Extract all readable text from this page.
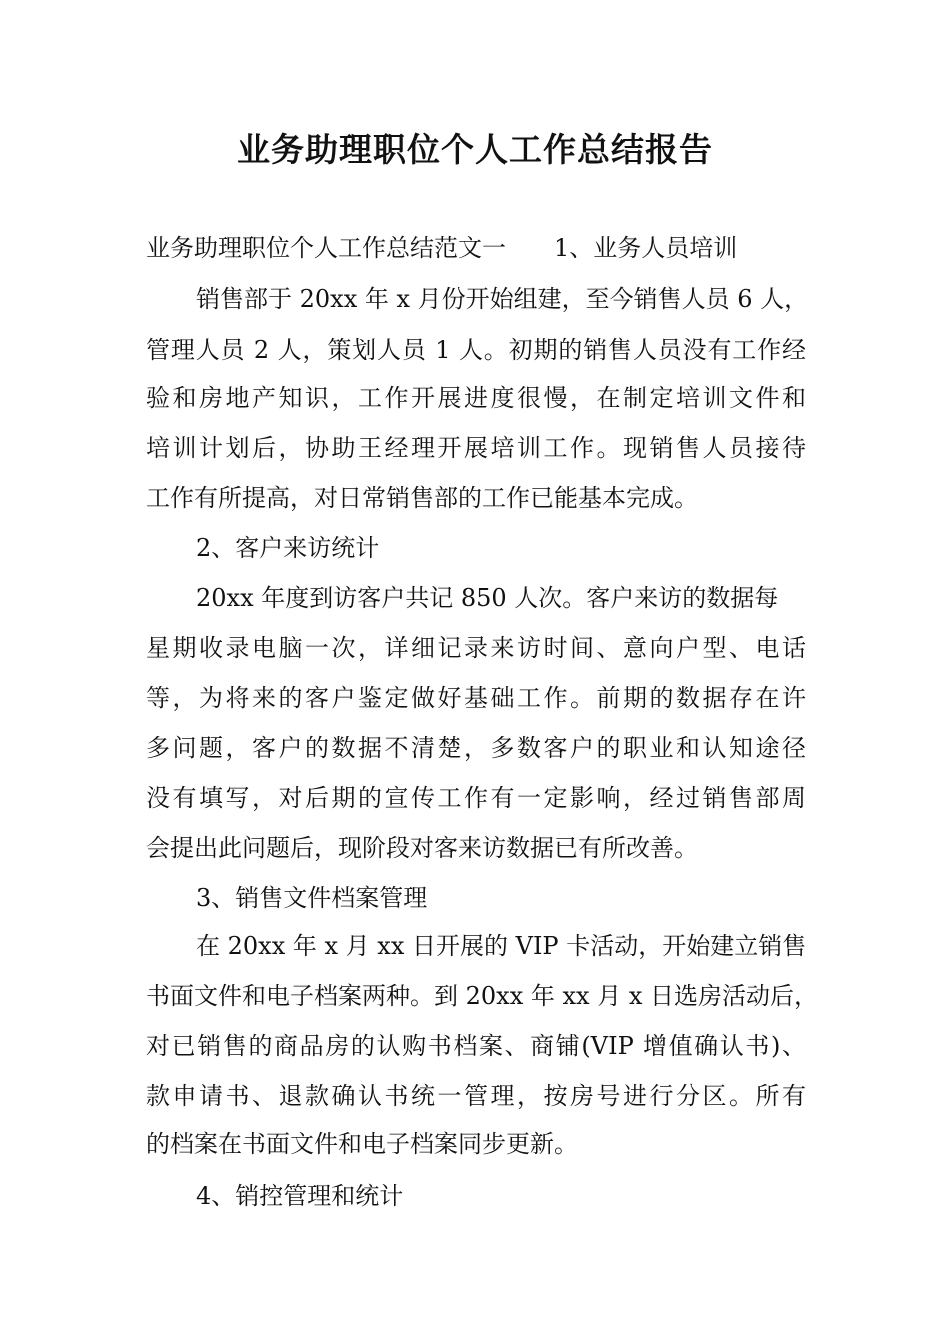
业务助理职位个人工作总结报告
业务助理职位个人工作总结范文一 1、业务人员培训
销售部于 20xx 年 x 月份开始组建，至今销售人员 6 人，
管理人员 2 人，策划人员 1 人。初期的销售人员没有工作经
验和房地产知识，工作开展进度很慢，在制定培训文件和
培训计划后，协助王经理开展培训工作。现销售人员接待
工作有所提高，对日常销售部的工作已能基本完成。
2、客户来访统计
20xx 年度到访客户共记 850 人次。客户来访的数据每
星期收录电脑一次，详细记录来访时间、意向户型、电话
等，为将来的客户鉴定做好基础工作。前期的数据存在许
多问题，客户的数据不清楚，多数客户的职业和认知途径
没有填写，对后期的宣传工作有一定影响，经过销售部周
会提出此问题后，现阶段对客来访数据已有所改善。
3、销售文件档案管理
在 20xx 年 x 月 xx 日开展的 VIP 卡活动，开始建立销售
书面文件和电子档案两种。到 20xx 年 xx 月 x 日选房活动后，
对已销售的商品房的认购书档案、商铺(VIP 增值确认书)、
款申请书、退款确认书统一管理，按房号进行分区。所有
的档案在书面文件和电子档案同步更新。
4、销控管理和统计
